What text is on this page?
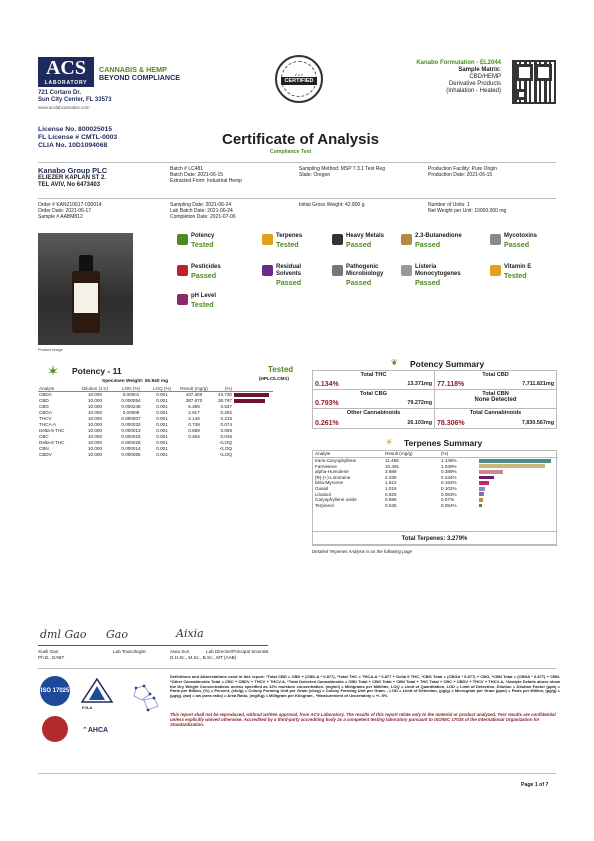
ACS
LABORATORY
CANNABIS & HEMP
BEYOND COMPLIANCE
721 Cortaro Dr.
Sun City Center, FL 33573
www.acslabcannabis.com
✓✓✓
CERTIFIED
Kanabo Formulation - EL2044
Sample Matrix:
CBD/HEMP
Derivative Products
(Inhalation - Heated)
License No. 800025015
FL License # CMTL-0003
CLIA No. 10D1094068	Certificate of Analysis
Compliance Test
Kanabo Group PLC
ELIEZER KAPLAN ST 2.
TEL AVIV, No 6473403
Batch # LC481
Batch Date: 2021-06-15
Extracted From: Industrial Hemp
Sampling Method: MSP 7.3.1 Test Reg
State: Oregon
Production Facility: Pure Origin
Production Date: 2021-06-15
Order # KAN210617-030014
Order Date: 2021-06-17
Sample # AABM812
Sampling Date: 2021-06-24
Lab Batch Date: 2021-06-24
Completion Date: 2021-07-06
Initial Gross Weight: 42.800 g	Number of Units: 1
Net Weight per Unit: 10000.000 mg
Product Image
Potency
Tested
Terpenes
Tested
Heavy Metals
Passed
2.3-Butanedione
Passed
Mycotoxins
Passed
Pesticides
Passed
Residual Solvents
Passed
Pathogenic Microbiology
Passed
Listeria Monocytogenes
Passed
Vitamin E
Tested
pH Level
Tested
Potency - 11	Tested
(HPLC/LCMS)
Specimen Weight: 50.940 mg
Analyte	Dilution (1:n)	LOD (%)	LOQ (%)	Result (mg/g)	(%)	
CBDA	10.000	0.00001	0.001	437.300	43.730	

CBD	10.000	0.000054	0.001	387.670	38.767	

CBG	10.000	0.000248	0.001	5.369	0.537	
CBGA	10.000	0.00008	0.001	2.917	0.292	
THCV	10.000	0.000007	0.001	2.146	0.215	
THCA-A	10.000	0.000032	0.001	0.739	0.074	
Delta-9 THC	10.000	0.000013	0.001	0.689	0.069	
CBC	10.000	0.000018	0.001	0.464	0.046	
Delta-8 THC	10.000	0.000026	0.001		<LOQ	
CBN	10.000	0.000014	0.001		<LOQ	
CBDV	10.000	0.000065	0.001		<LOQ	
❦ Potency Summary
Total THC
0.134%	13.371mg
Total CBD
77.118%	7,711.821mg
Total CBG
0.793%	79.272mg
Total CBN
None Detected
Other Cannabinoids
0.261%	26.103mg
Total Cannabinoids
78.306%	7,830.567mg
☀ Terpenes Summary
Analyte	Result (mg/g)	(%)	
trans-Caryophyllene	11.458	1.146%	

Farnesene	10.491	1.049%	

alpha-Humulene	3.888	0.389%	

(R)-(+)-Limonene	2.336	0.234%	

beta-Myrcene	1.522	0.152%	

Guaiol	1.016	0.102%	

Linalool	0.826	0.083%	

Caryophyllene oxide	0.696	0.07%	

Terpineol	0.535	0.054%	
Total Terpenes: 3.279%
Detailed Terpenes Analysis is on the following page
dml Gao Gao	Aixia
Xueli Gao
Ph.D., DABT
Lab Toxicologist	Aixia Sun
D.H.Sc., M.Sc., B.Sc., MT (AAB)
Lab Director/Principal Scientist
ISO 17025
PJLA
⌃AHCA
Definitions and Abbreviations used in this report: *Total CBD = CBD + (CBD-A * 0.877), *Total THC = THCA-A * 0.877 + Delta 9 THC, *CBG Total = (CBGA * 0.877) + CBG, *CBN Total = (CBNA * 0.877) + CBN. *Other Cannabinoids Total = CBC + CBDV + THCV + THCV-A, *Total Detected Cannabinoids = CBD Total + CBG Total + CBN Total + THC Total + CBC + CBDV + THCV + THCV-A, *Analyte Details above show the Dry Weight Concentrations unless specified as 12% moisture concentration. (mg/ml) = Milligrams per Milliliter, LOQ = Limit of Quantitation, LOD = Limit of Detection, Dilution = Dilution Factor (ppb) = Parts per Billion, (%) = Percent, (cfu/g) = Colony Forming Unit per Gram (cfu/g) = Colony Forming Unit per Gram, , LOD = Limit of Detection, (µg/g) = Microgram per Gram (ppm) = Parts per Million, (µg/g) = (µg/g), (aw) = aw (area ratio) = Area Ratio, (mg/Kg) = Milligram per Kilogram , *Measurement of Uncertainty = +/- 5%
This report shall not be reproduced, without written approval, from ACS Laboratory. The results of this report relate only to the material or product analyzed. Test results are confidential unless explicitly waived otherwise. Accredited by a third-party accrediting body as a competent testing laboratory pursuant to ISO/IEC 17025 of the International Organization for Standardization.
Page 1 of 7
